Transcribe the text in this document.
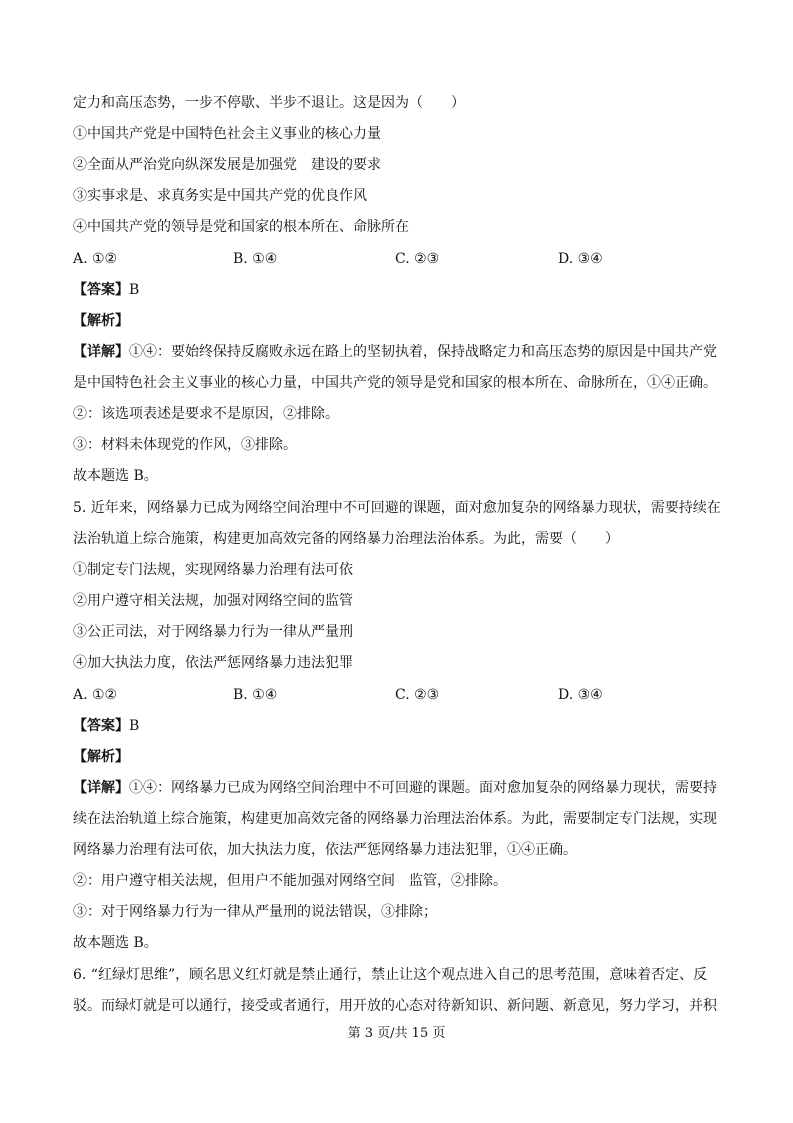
定力和高压态势，一步不停歇、半步不退让。这是因为（　　）
①中国共产党是中国特色社会主义事业的核心力量
②全面从严治党向纵深发展是加强党　建设的要求
③实事求是、求真务实是中国共产党的优良作风
④中国共产党的领导是党和国家的根本所在、命脉所在
A. ①②	B. ①④	C. ②③	D. ③④
【答案】B
【解析】
【详解】①④：要始终保持反腐败永远在路上的坚韧执着，保持战略定力和高压态势的原因是中国共产党
是中国特色社会主义事业的核心力量，中国共产党的领导是党和国家的根本所在、命脉所在，①④正确。
②：该选项表述是要求不是原因，②排除。
③：材料未体现党的作风，③排除。
故本题选 B。
5. 近年来，网络暴力已成为网络空间治理中不可回避的课题，面对愈加复杂的网络暴力现状，需要持续在
法治轨道上综合施策，构建更加高效完备的网络暴力治理法治体系。为此，需要（　　）
①制定专门法规，实现网络暴力治理有法可依
②用户遵守相关法规，加强对网络空间的监管
③公正司法，对于网络暴力行为一律从严量刑
④加大执法力度，依法严惩网络暴力违法犯罪
A. ①②	B. ①④	C. ②③	D. ③④
【答案】B
【解析】
【详解】①④：网络暴力已成为网络空间治理中不可回避的课题。面对愈加复杂的网络暴力现状，需要持
续在法治轨道上综合施策，构建更加高效完备的网络暴力治理法治体系。为此，需要制定专门法规，实现
网络暴力治理有法可依，加大执法力度，依法严惩网络暴力违法犯罪，①④正确。
②：用户遵守相关法规，但用户不能加强对网络空间　监管，②排除。
③：对于网络暴力行为一律从严量刑的说法错误，③排除；
故本题选 B。
6. “红绿灯思维”，顾名思义红灯就是禁止通行，禁止让这个观点进入自己的思考范围，意味着否定、反
驳。而绿灯就是可以通行，接受或者通行，用开放的心态对待新知识、新问题、新意见，努力学习，并积
第 3 页/共 15 页
